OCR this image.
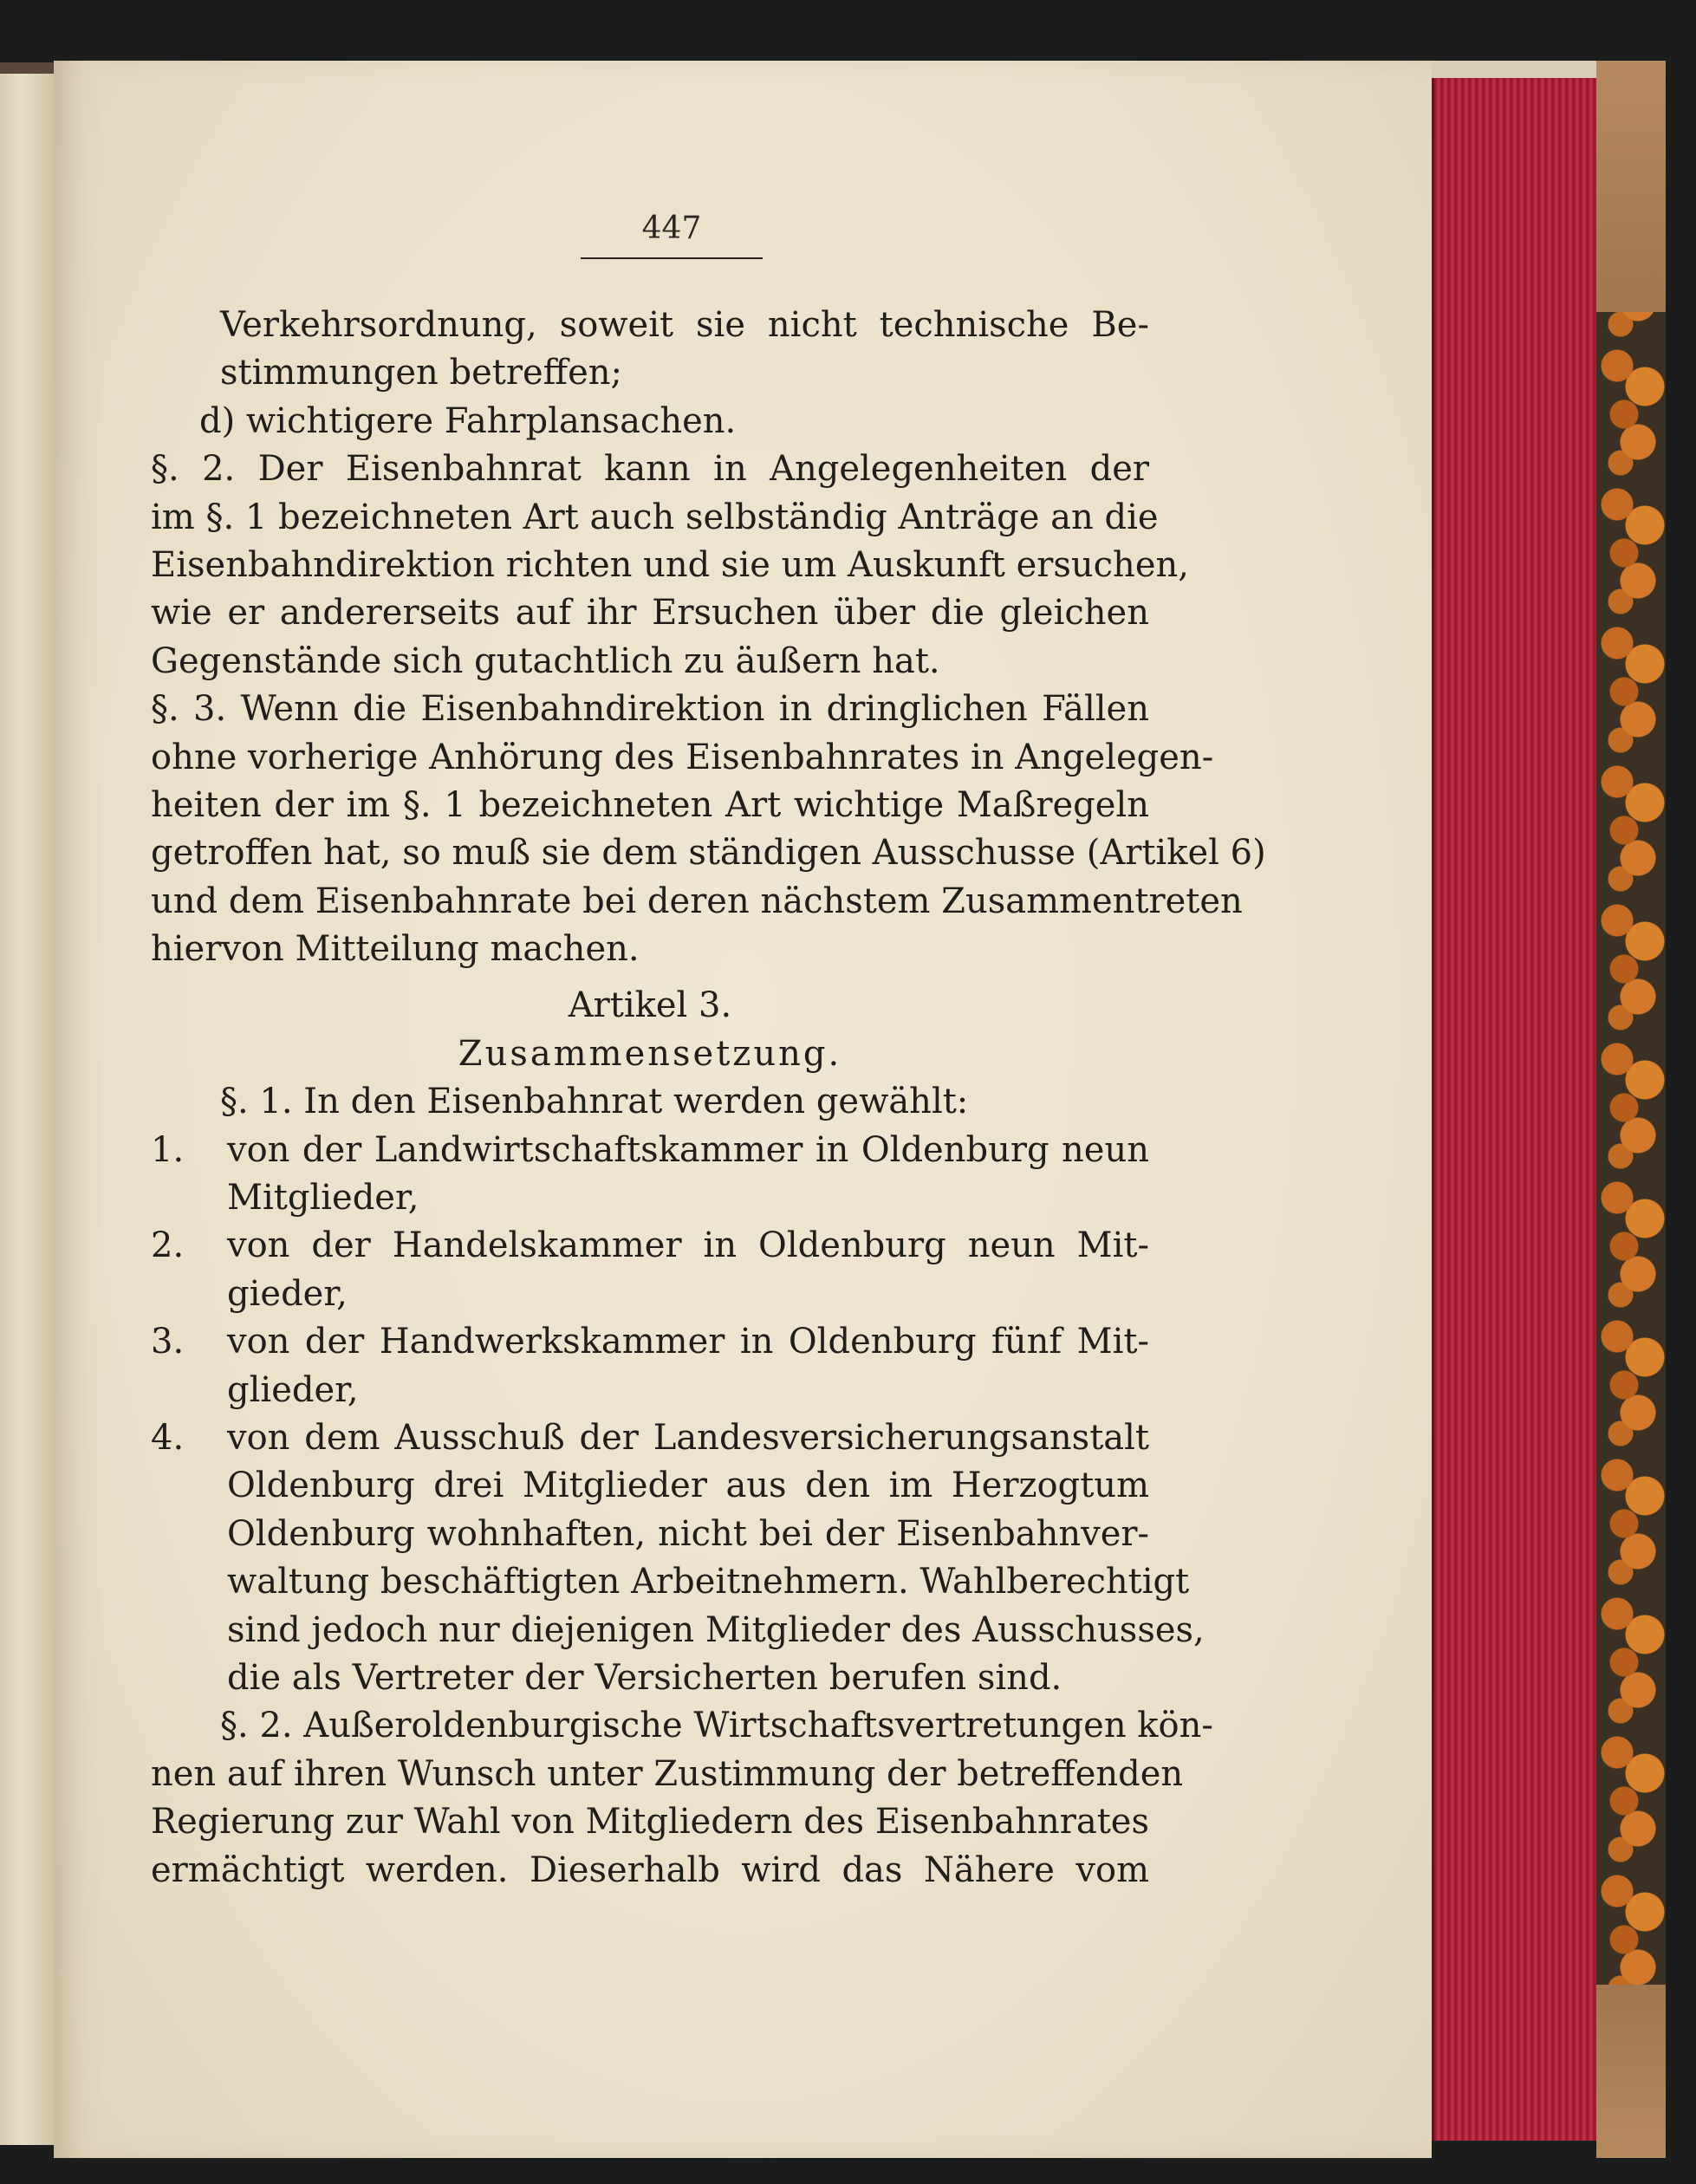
447
Verkehrsordnung, soweit sie nicht technische Be-
stimmungen betreffen;
d) wichtigere Fahrplansachen.
§. 2. Der Eisenbahnrat kann in Angelegenheiten der
im §. 1 bezeichneten Art auch selbständig Anträge an die
Eisenbahndirektion richten und sie um Auskunft ersuchen,
wie er andererseits auf ihr Ersuchen über die gleichen
Gegenstände sich gutachtlich zu äußern hat.
§. 3. Wenn die Eisenbahndirektion in dringlichen Fällen
ohne vorherige Anhörung des Eisenbahnrates in Angelegen-
heiten der im §. 1 bezeichneten Art wichtige Maßregeln
getroffen hat, so muß sie dem ständigen Ausschusse (Artikel 6)
und dem Eisenbahnrate bei deren nächstem Zusammentreten
hiervon Mitteilung machen.
Artikel 3.
Zusammensetzung.
§. 1. In den Eisenbahnrat werden gewählt:
1.	von der Landwirtschaftskammer in Oldenburg neun
Mitglieder,
2.	von der Handelskammer in Oldenburg neun Mit-
gieder,
3.	von der Handwerkskammer in Oldenburg fünf Mit-
glieder,
4.	von dem Ausschuß der Landesversicherungsanstalt
Oldenburg drei Mitglieder aus den im Herzogtum
Oldenburg wohnhaften, nicht bei der Eisenbahnver-
waltung beschäftigten Arbeitnehmern. Wahlberechtigt
sind jedoch nur diejenigen Mitglieder des Ausschusses,
die als Vertreter der Versicherten berufen sind.
§. 2. Außeroldenburgische Wirtschaftsvertretungen kön-
nen auf ihren Wunsch unter Zustimmung der betreffenden
Regierung zur Wahl von Mitgliedern des Eisenbahnrates
ermächtigt werden. Dieserhalb wird das Nähere vom
